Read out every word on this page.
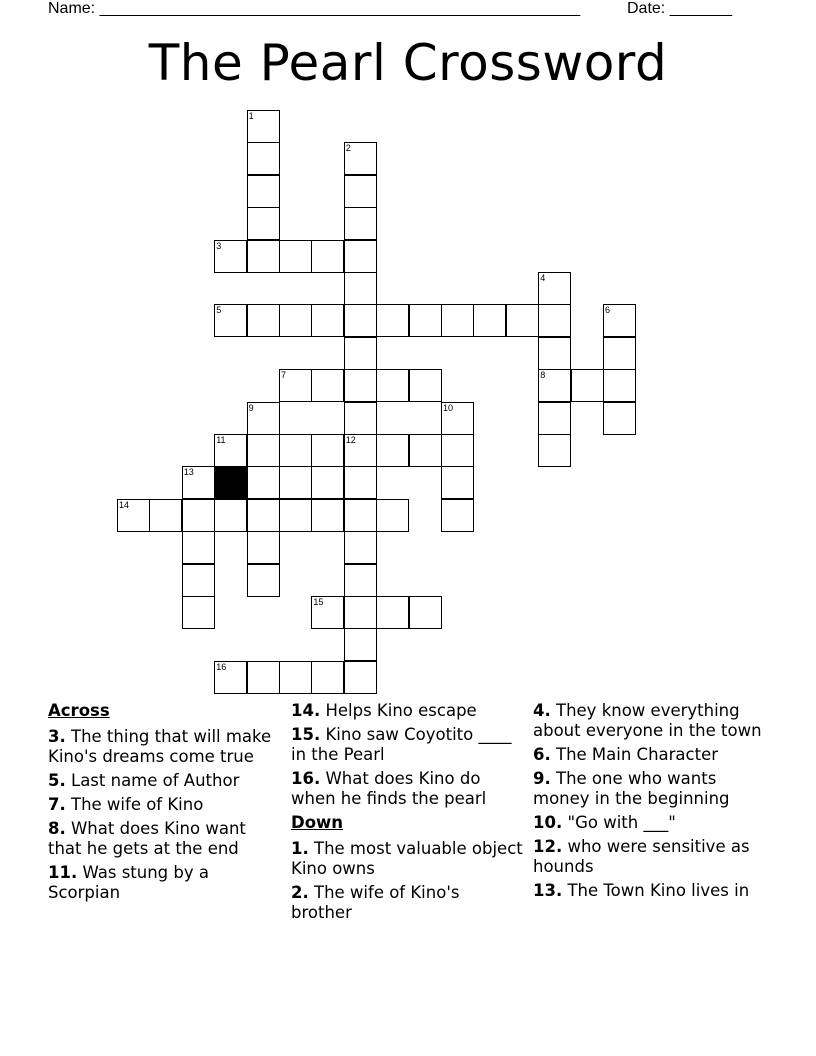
Name: ______________________________________________________	Date: _______
The Pearl Crossword
1
2
3
4
5	6
7	8
9	10
11	12
13
14
15
16
Across
3. The thing that will make Kino's dreams come true
5. Last name of Author
7. The wife of Kino
8. What does Kino want that he gets at the end
11. Was stung by a Scorpian
14. Helps Kino escape
15. Kino saw Coyotito ____ in the Pearl
16. What does Kino do when he finds the pearl
Down
1. The most valuable object Kino owns
2. The wife of Kino's brother
4. They know everything about everyone in the town
6. The Main Character
9. The one who wants money in the beginning
10. "Go with ___"
12. who were sensitive as hounds
13. The Town Kino lives in
